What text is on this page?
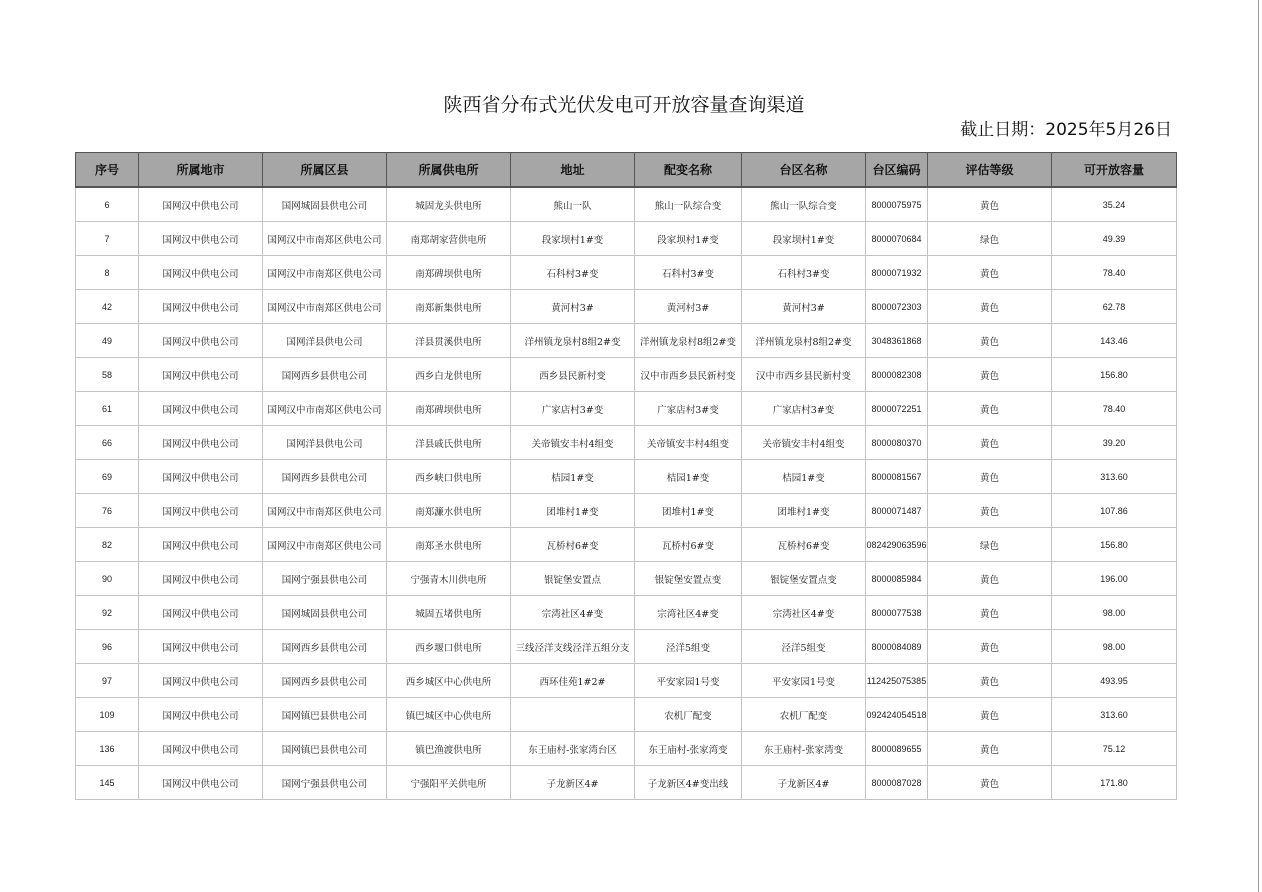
陕西省分布式光伏发电可开放容量查询渠道
截止日期：2025年5月26日
序号	所属地市	所属区县	所属供电所	地址	配变名称	台区名称	台区编码	评估等级	可开放容量
6	国网汉中供电公司	国网城固县供电公司	城固龙头供电所	熊山一队	熊山一队综合变	熊山一队综合变	8000075975	黄色	35.24
7	国网汉中供电公司	国网汉中市南郑区供电公司	南郑胡家营供电所	段家坝村1#变	段家坝村1#变	段家坝村1#变	8000070684	绿色	49.39
8	国网汉中供电公司	国网汉中市南郑区供电公司	南郑碑坝供电所	石科村3#变	石科村3#变	石科村3#变	8000071932	黄色	78.40
42	国网汉中供电公司	国网汉中市南郑区供电公司	南郑新集供电所	黄河村3#	黄河村3#	黄河村3#	8000072303	黄色	62.78
49	国网汉中供电公司	国网洋县供电公司	洋县贯溪供电所	洋州镇龙泉村8组2#变	洋州镇龙泉村8组2#变	洋州镇龙泉村8组2#变	3048361868	黄色	143.46
58	国网汉中供电公司	国网西乡县供电公司	西乡白龙供电所	西乡县民新村变	汉中市西乡县民新村变	汉中市西乡县民新村变	8000082308	黄色	156.80
61	国网汉中供电公司	国网汉中市南郑区供电公司	南郑碑坝供电所	广家店村3#变	广家店村3#变	广家店村3#变	8000072251	黄色	78.40
66	国网汉中供电公司	国网洋县供电公司	洋县戚氏供电所	关帝镇安丰村4组变	关帝镇安丰村4组变	关帝镇安丰村4组变	8000080370	黄色	39.20
69	国网汉中供电公司	国网西乡县供电公司	西乡峡口供电所	桔园1#变	桔园1#变	桔园1#变	8000081567	黄色	313.60
76	国网汉中供电公司	国网汉中市南郑区供电公司	南郑濂水供电所	团堆村1#变	团堆村1#变	团堆村1#变	8000071487	黄色	107.86
82	国网汉中供电公司	国网汉中市南郑区供电公司	南郑圣水供电所	瓦桥村6#变	瓦桥村6#变	瓦桥村6#变	082429063596	绿色	156.80
90	国网汉中供电公司	国网宁强县供电公司	宁强青木川供电所	银锭堡安置点	银锭堡安置点变	银锭堡安置点变	8000085984	黄色	196.00
92	国网汉中供电公司	国网城固县供电公司	城固五堵供电所	宗湾社区4#变	宗湾社区4#变	宗湾社区4#变	8000077538	黄色	98.00
96	国网汉中供电公司	国网西乡县供电公司	西乡堰口供电所	三线泾洋支线泾洋五组分支	泾洋5组变	泾洋5组变	8000084089	黄色	98.00
97	国网汉中供电公司	国网西乡县供电公司	西乡城区中心供电所	西环佳苑1#2#	平安家园1号变	平安家园1号变	112425075385	黄色	493.95
109	国网汉中供电公司	国网镇巴县供电公司	镇巴城区中心供电所		农机厂配变	农机厂配变	092424054518	黄色	313.60
136	国网汉中供电公司	国网镇巴县供电公司	镇巴渔渡供电所	东王庙村-张家湾台区	东王庙村-张家湾变	东王庙村-张家湾变	8000089655	黄色	75.12
145	国网汉中供电公司	国网宁强县供电公司	宁强阳平关供电所	子龙新区4#	子龙新区4#变出线	子龙新区4#	8000087028	黄色	171.80
